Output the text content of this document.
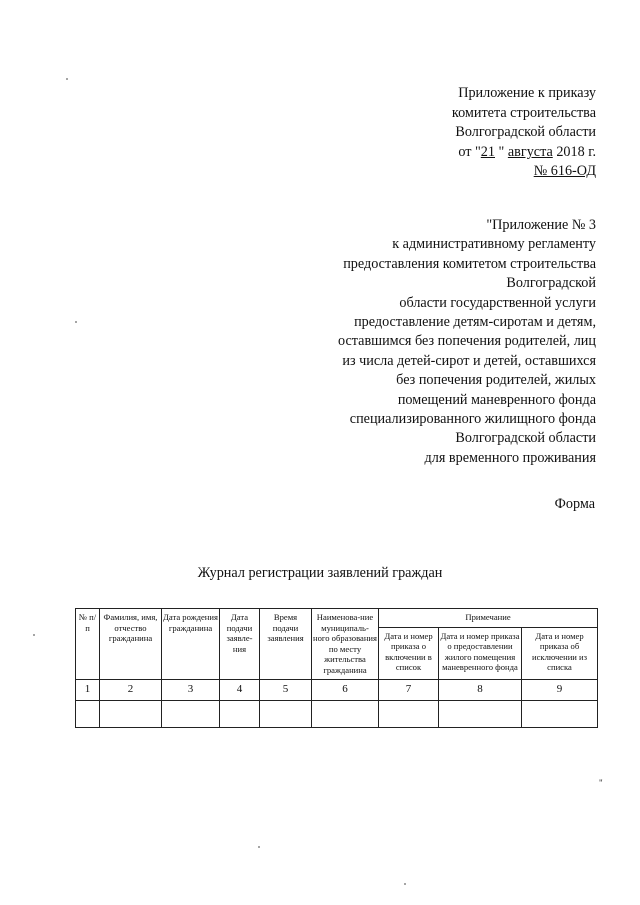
Приложение к приказу
комитета строительства
Волгоградской области
от "21 " августа 2018 г.
№ 616-ОД
"Приложение № 3
к административному регламенту
предоставления комитетом строительства
Волгоградской
области государственной услуги
предоставление детям-сиротам и детям,
оставшимся без попечения родителей, лиц
из числа детей-сирот и детей, оставшихся
без попечения родителей, жилых
помещений маневренного фонда
специализированного жилищного фонда
Волгоградской области
для временного проживания
Форма
Журнал регистрации заявлений граждан
№ п/п	Фамилия, имя, отчество гражданина	Дата рождения гражданина	Дата подачи заявле-ния	Время подачи заявления	Наименова-ние муниципаль-ного образования по месту жительства гражданина	Примечание		
						Дата и номер приказа о включении в список	Дата и номер приказа о предоставлении жилого помещения маневренного фонда	Дата и номер приказа об исключении из списка
1	2	3	4	5	6	7	8	9

"
